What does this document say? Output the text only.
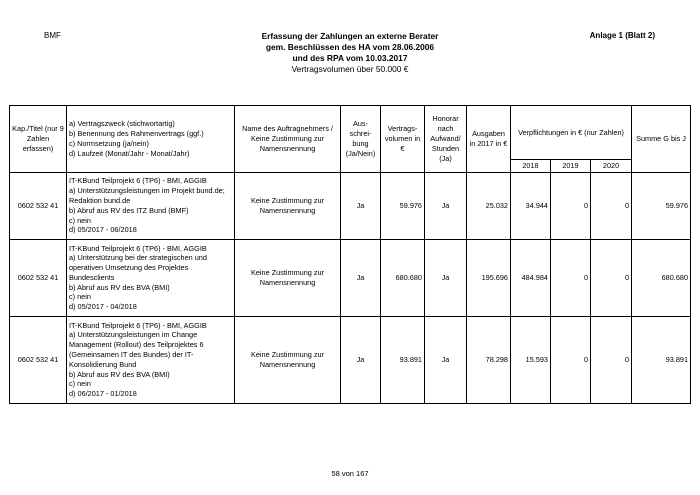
BMF	Anlage 1 (Blatt 2)
Erfassung der Zahlungen an externe Berater
gem. Beschlüssen des HA vom 28.06.2006
und des RPA vom 10.03.2017
Vertragsvolumen über 50.000 €
Kap./Titel (nur 9 Zahlen erfassen)	a) Vertragszweck (stichwortartig)
b) Benennung des Rahmenvertrags (ggf.)
c) Normsetzung (ja/nein)
d) Laufzeit (Monat/Jahr - Monat/Jahr)	Name des Auftragnehmers / Keine Zustimmung zur Namensnennung	Aus-schrei-bung (Ja/Nein)	Vertrags-volumen in €	Honorar nach Aufwand/ Stunden (Ja)	Ausgaben in 2017 in €	Verpflichtungen in € (nur Zahlen)			Summe G bis J
							2018	2019	2020	
0602 532 41	IT-KBund Teilprojekt 6 (TP6) - BMI, AGGIB
a) Unterstützungsleistungen im Projekt bund.de; Redaktion bund.de
b) Abruf aus RV des ITZ Bund (BMF)
c) nein
d) 05/2017 - 06/2018	Keine Zustimmung zur Namensnennung	Ja	59.976	Ja	25.032	34.944	0	0	59.976
0602 532 41	IT-KBund Teilprojekt 6 (TP6) - BMI, AGGIB
a) Unterstützung bei der strategischen und operativen Umsetzung des Projektes Bundesclients
b) Abruf aus RV des BVA (BMI)
c) nein
d) 05/2017 - 04/2018	Keine Zustimmung zur Namensnennung	Ja	680.680	Ja	195.696	484.984	0	0	680.680
0602 532 41	IT-KBund Teilprojekt 6 (TP6) - BMI, AGGIB
a) Unterstützungsleistungen im Change Management (Rollout) des Teilprojektes 6 (Gemeinsamen IT des Bundes) der IT-Konsolidierung Bund
b) Abruf aus RV des BVA (BMI)
c) nein
d) 06/2017 - 01/2018	Keine Zustimmung zur Namensnennung	Ja	93.891	Ja	78.298	15.593	0	0	93.891
58 von 167
